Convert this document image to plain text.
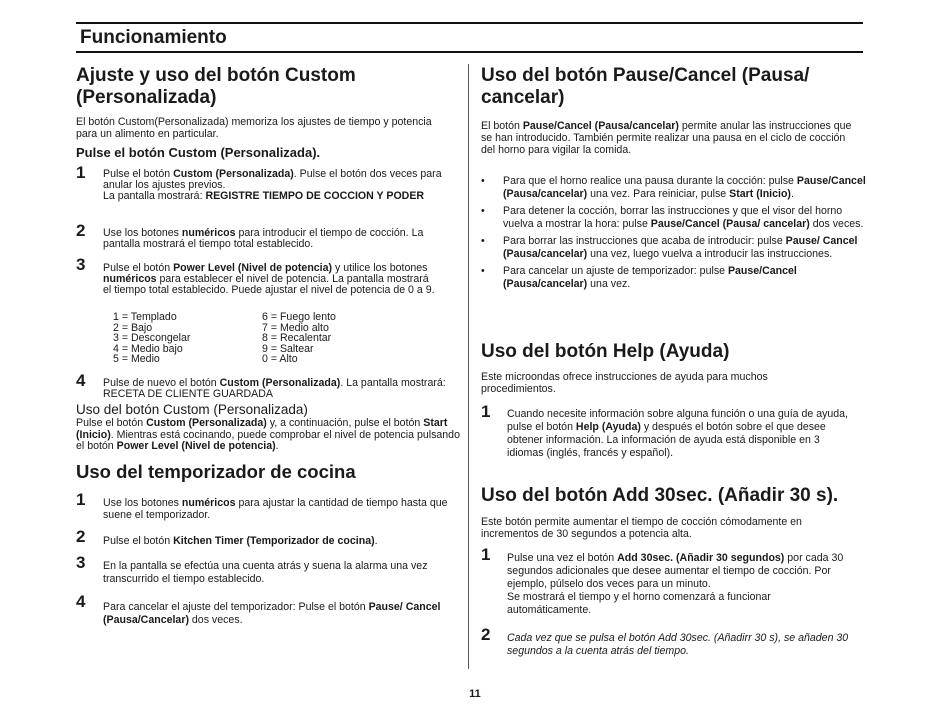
Funcionamiento
Ajuste y uso del botón Custom
(Personalizada)
El botón Custom(Personalizada) memoriza los ajustes de tiempo y potencia para un alimento en particular.
Pulse el botón Custom (Personalizada).
1 Pulse el botón Custom (Personalizada). Pulse el botón dos veces para anular los ajustes previos.
La pantalla mostrará: REGISTRE TIEMPO DE COCCION Y PODER
2 Use los botones numéricos para introducir el tiempo de cocción. La pantalla mostrará el tiempo total establecido.
3 Pulse el botón Power Level (Nivel de potencia) y utilice los botones numéricos para establecer el nivel de potencia. La pantalla mostrará el tiempo total establecido. Puede ajustar el nivel de potencia de 0 a 9.
1 = Templado
2 = Bajo
3 = Descongelar
4 = Medio bajo
5 = Medio
6 = Fuego lento
7 = Medio alto
8 = Recalentar
9 = Saltear
0 = Alto
4 Pulse de nuevo el botón Custom (Personalizada). La pantalla mostrará: RECETA DE CLIENTE GUARDADA
Uso del botón Custom (Personalizada)
Pulse el botón Custom (Personalizada) y, a continuación, pulse el botón Start (Inicio). Mientras está cocinando, puede comprobar el nivel de potencia pulsando el botón Power Level (Nivel de potencia).
Uso del temporizador de cocina
1 Use los botones numéricos para ajustar la cantidad de tiempo hasta que suene el temporizador.
2 Pulse el botón Kitchen Timer (Temporizador de cocina).
3 En la pantalla se efectúa una cuenta atrás y suena la alarma una vez transcurrido el tiempo establecido.
4 Para cancelar el ajuste del temporizador: Pulse el botón Pause/ Cancel (Pausa/Cancelar) dos veces.
Uso del botón Pause/Cancel (Pausa/
cancelar)
El botón Pause/Cancel (Pausa/cancelar) permite anular las instrucciones que se han introducido. También permite realizar una pausa en el ciclo de cocción del horno para vigilar la comida.
• Para que el horno realice una pausa durante la cocción: pulse Pause/Cancel (Pausa/cancelar) una vez. Para reiniciar, pulse Start (Inicio).
• Para detener la cocción, borrar las instrucciones y que el visor del horno vuelva a mostrar la hora: pulse Pause/Cancel (Pausa/ cancelar) dos veces.
• Para borrar las instrucciones que acaba de introducir: pulse Pause/ Cancel (Pausa/cancelar) una vez, luego vuelva a introducir las instrucciones.
• Para cancelar un ajuste de temporizador: pulse Pause/Cancel (Pausa/cancelar) una vez.
Uso del botón Help (Ayuda)
Este microondas ofrece instrucciones de ayuda para muchos procedimientos.
1 Cuando necesite información sobre alguna función o una guía de ayuda, pulse el botón Help (Ayuda) y después el botón sobre el que desee obtener información. La información de ayuda está disponible en 3 idiomas (inglés, francés y español).
Uso del botón Add 30sec. (Añadir 30 s).
Este botón permite aumentar el tiempo de cocción cómodamente en incrementos de 30 segundos a potencia alta.
1 Pulse una vez el botón Add 30sec. (Añadir 30 segundos) por cada 30 segundos adicionales que desee aumentar el tiempo de cocción. Por ejemplo, púlselo dos veces para un minuto.
Se mostrará el tiempo y el horno comenzará a funcionar automáticamente.
2 Cada vez que se pulsa el botón Add 30sec. (Añadirr 30 s), se añaden 30 segundos a la cuenta atrás del tiempo.
11
